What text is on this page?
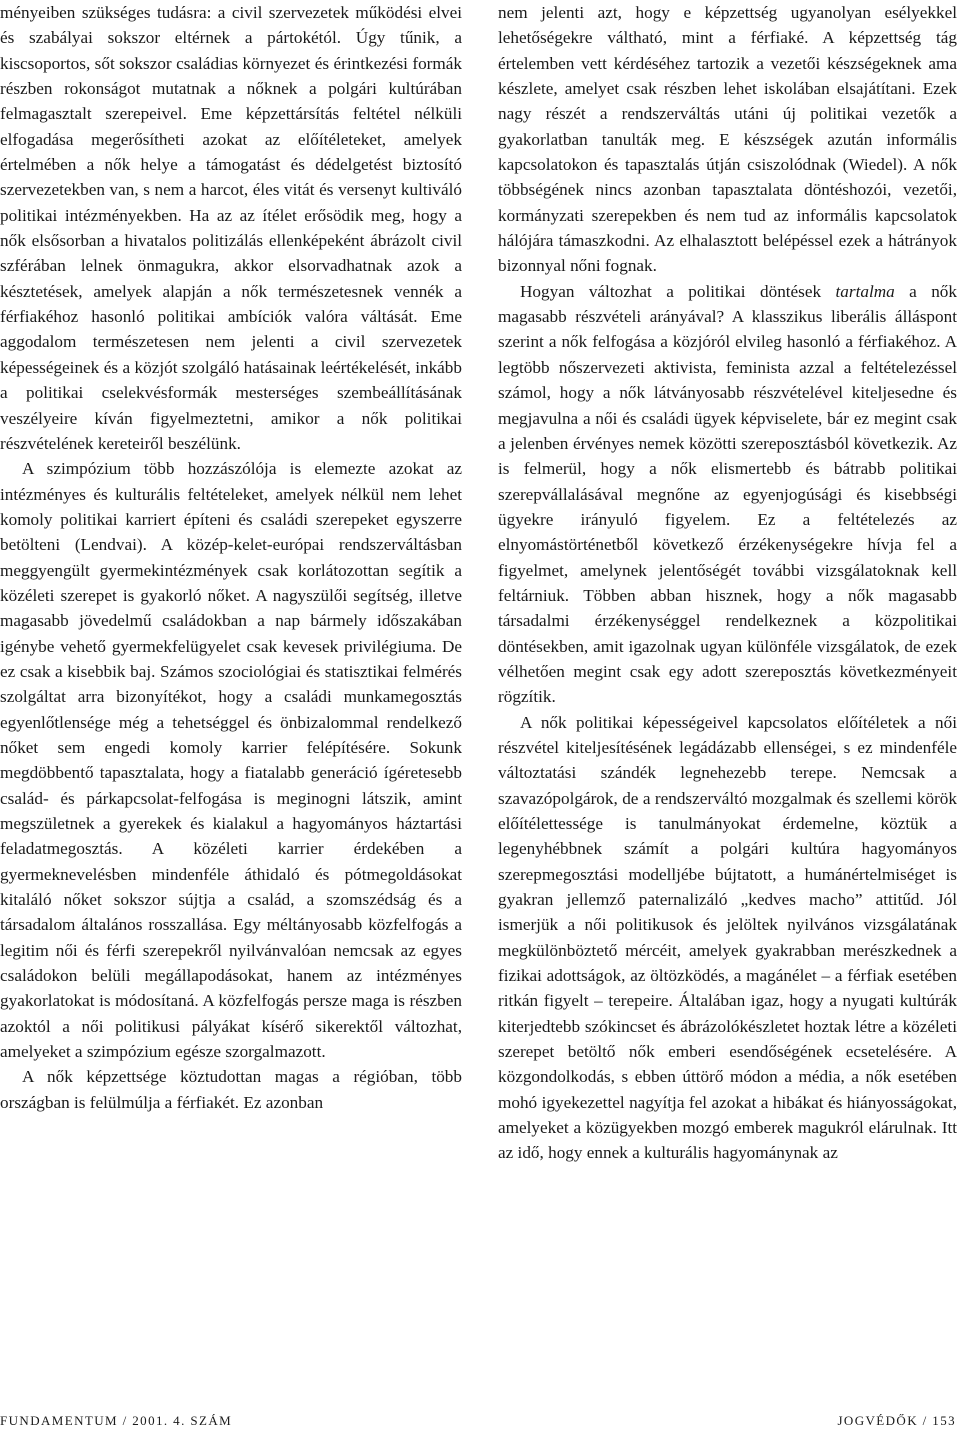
ményeiben szükséges tudásra: a civil szervezetek működési elvei és szabályai sokszor eltérnek a pártokétól. Úgy tűnik, a kiscsoportos, sőt sokszor családias környezet és érintkezési formák részben rokonságot mutatnak a nőknek a polgári kultúrában felmagasztalt szerepeivel. Eme képzettársítás feltétel nélküli elfogadása megerősítheti azokat az előítéleteket, amelyek értelmében a nők helye a támogatást és dédelgetést biztosító szervezetekben van, s nem a harcot, éles vitát és versenyt kultiváló politikai intézményekben. Ha az az ítélet erősödik meg, hogy a nők elsősorban a hivatalos politizálás ellenképeként ábrázolt civil szférában lelnek önmagukra, akkor elsorvadhatnak azok a késztetések, amelyek alapján a nők természetesnek vennék a férfiakéhoz hasonló politikai ambíciók valóra váltását. Eme aggodalom természetesen nem jelenti a civil szervezetek képességeinek és a közjót szolgáló hatásainak leértékelését, inkább a politikai cselekvésformák mesterséges szembeállításának veszélyeire kíván figyelmeztetni, amikor a nők politikai részvételének kereteiről beszélünk.

A szimpózium több hozzászólója is elemezte azokat az intézményes és kulturális feltételeket, amelyek nélkül nem lehet komoly politikai karriert építeni és családi szerepeket egyszerre betölteni (Lendvai). A közép-kelet-európai rendszerváltásban meggyengült gyermekintézmények csak korlátozottan segítik a közéleti szerepet is gyakorló nőket. A nagyszülői segítség, illetve magasabb jövedelmű családokban a nap bármely időszakában igénybe vehető gyermekfelügyelet csak kevesek privilégiuma. De ez csak a kisebbik baj. Számos szociológiai és statisztikai felmérés szolgáltat arra bizonyítékot, hogy a családi munkamegosztás egyenlőtlensége még a tehetséggel és önbizalommal rendelkező nőket sem engedi komoly karrier felépítésére. Sokunk megdöbbentő tapasztalata, hogy a fiatalabb generáció ígéretesebb család- és párkapcsolat-felfogása is meginogni látszik, amint megszületnek a gyerekek és kialakul a hagyományos háztartási feladatmegosztás. A közéleti karrier érdekében a gyermeknevelésben mindenféle áthidaló és pótmegoldásokat kitaláló nőket sokszor sújtja a család, a szomszédság és a társadalom általános rosszallása. Egy méltányosabb közfelfogás a legitim női és férfi szerepekről nyilvánvalóan nemcsak az egyes családokon belüli megállapodásokat, hanem az intézményes gyakorlatokat is módosítaná. A közfelfogás persze maga is részben azoktól a női politikusi pályákat kísérő sikerektől változhat, amelyeket a szimpózium egésze szorgalmazott.

A nők képzettsége köztudottan magas a régióban, több országban is felülmúlja a férfiakét. Ez azonban

nem jelenti azt, hogy e képzettség ugyanolyan esélyekkel lehetőségekre váltható, mint a férfiaké. A képzettség tág értelemben vett kérdéséhez tartozik a vezetői készségeknek ama készlete, amelyet csak részben lehet iskolában elsajátítani. Ezek nagy részét a rendszerváltás utáni új politikai vezetők a gyakorlatban tanulták meg. E készségek azután informális kapcsolatokon és tapasztalás útján csiszolódnak (Wiedel). A nők többségének nincs azonban tapasztalata döntéshozói, vezetői, kormányzati szerepekben és nem tud az informális kapcsolatok hálójára támaszkodni. Az elhalasztott belépéssel ezek a hátrányok bizonnyal nőni fognak.

Hogyan változhat a politikai döntések tartalma a nők magasabb részvételi arányával? A klasszikus liberális álláspont szerint a nők felfogása a közjóról elvileg hasonló a férfiakéhoz. A legtöbb nőszervezeti aktivista, feminista azzal a feltételezéssel számol, hogy a nők látványosabb részvételével kiteljesedne és megjavulna a női és családi ügyek képviselete, bár ez megint csak a jelenben érvényes nemek közötti szereposztásból következik. Az is felmerül, hogy a nők elismertebb és bátrabb politikai szerepvállalásával megnőne az egyenjogúsági és kisebbségi ügyekre irányuló figyelem. Ez a feltételezés az elnyomástörténetből következő érzékenységekre hívja fel a figyelmet, amelynek jelentőségét további vizsgálatoknak kell feltárniuk. Többen abban hisznek, hogy a nők magasabb társadalmi érzékenységgel rendelkeznek a közpolitikai döntésekben, amit igazolnak ugyan különféle vizsgálatok, de ezek vélhetően megint csak egy adott szereposztás következményeit rögzítik.

A nők politikai képességeivel kapcsolatos előítéletek a női részvétel kiteljesítésének legádázabb ellenségei, s ez mindenféle változtatási szándék legnehezebb terepe. Nemcsak a szavazópolgárok, de a rendszerváltó mozgalmak és szellemi körök előítélettessége is tanulmányokat érdemelne, köztük a legenyhébbnek számít a polgári kultúra hagyományos szerepmegosztási modelljébe bújtatott, a humánértelmiséget is gyakran jellemző paternalizáló „kedves macho” attitűd. Jól ismerjük a női politikusok és jelöltek nyilvános vizsgálatának megkülönböztető mércéit, amelyek gyakrabban merészkednek a fizikai adottságok, az öltözködés, a magánélet – a férfiak esetében ritkán figyelt – terepeire. Általában igaz, hogy a nyugati kultúrák kiterjedtebb szókincset és ábrázolókészletet hoztak létre a közéleti szerepet betöltő nők emberi esendőségének ecsetelésére. A közgondolkodás, s ebben úttörő módon a média, a nők esetében mohó igyekezettel nagyítja fel azokat a hibákat és hiányosságokat, amelyeket a közügyekben mozgó emberek magukról elárulnak. Itt az idő, hogy ennek a kulturális hagyománynak az

FUNDAMENTUM / 2001. 4. SZÁM	JOGVÉDŐK / 153
